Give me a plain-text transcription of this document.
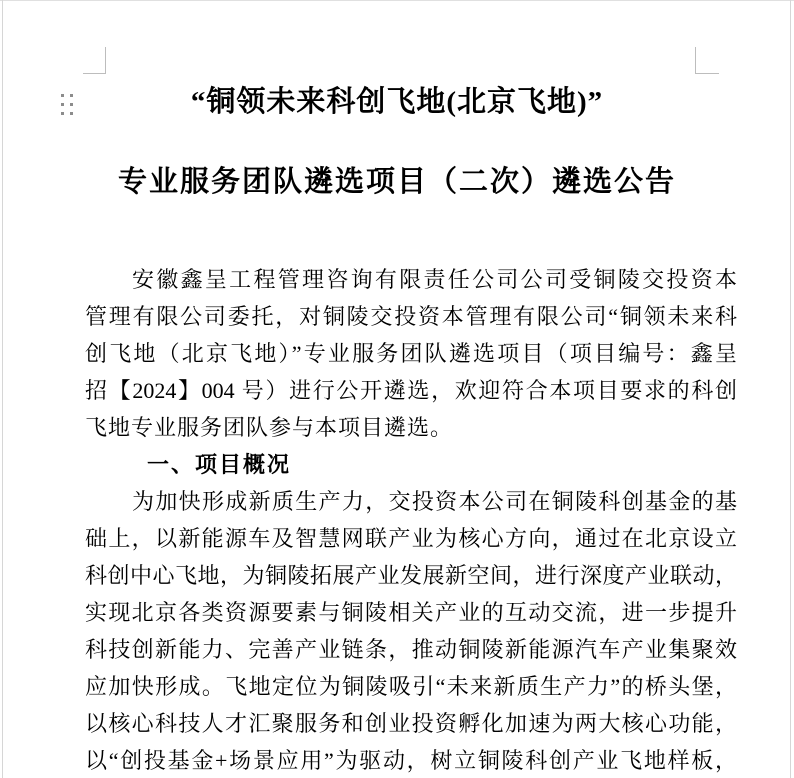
“铜领未来科创飞地(北京飞地)”
专业服务团队遴选项目（二次）遴选公告
安徽鑫呈工程管理咨询有限责任公司公司受铜陵交投资本
管理有限公司委托，对铜陵交投资本管理有限公司“铜领未来科
创飞地（北京飞地）”专业服务团队遴选项目（项目编号：鑫呈
招【2024】004 号）进行公开遴选，欢迎符合本项目要求的科创
飞地专业服务团队参与本项目遴选。
一、项目概况
为加快形成新质生产力，交投资本公司在铜陵科创基金的基
础上，以新能源车及智慧网联产业为核心方向，通过在北京设立
科创中心飞地，为铜陵拓展产业发展新空间，进行深度产业联动，
实现北京各类资源要素与铜陵相关产业的互动交流，进一步提升
科技创新能力、完善产业链条，推动铜陵新能源汽车产业集聚效
应加快形成。飞地定位为铜陵吸引“未来新质生产力”的桥头堡，
以核心科技人才汇聚服务和创业投资孵化加速为两大核心功能，
以“创投基金+场景应用”为驱动，树立铜陵科创产业飞地样板，
